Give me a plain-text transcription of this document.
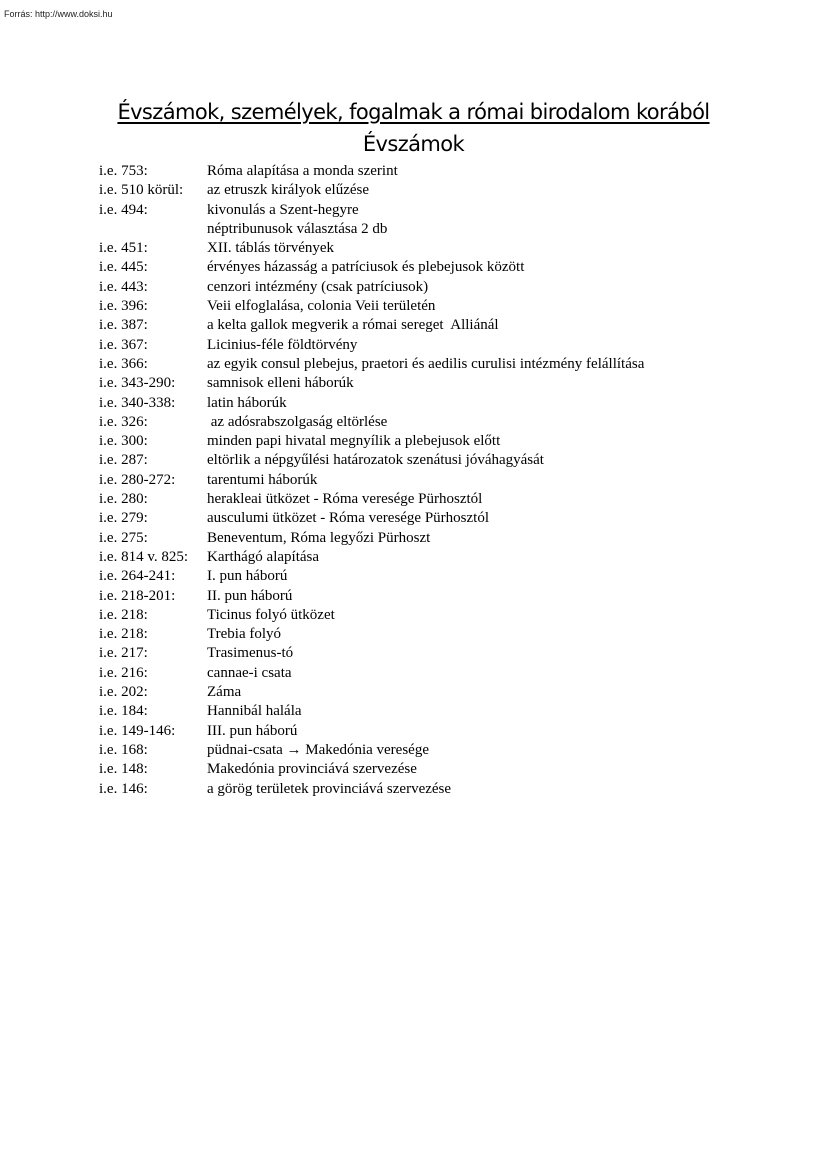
Forrás: http://www.doksi.hu
Évszámok, személyek, fogalmak a római birodalom korából
Évszámok
i.e. 753:	Róma alapítása a monda szerint
i.e. 510 körül:	az etruszk királyok elűzése
i.e. 494:	kivonulás a Szent-hegyre
néptribunusok választása 2 db
i.e. 451:	XII. táblás törvények
i.e. 445:	érvényes házasság a patríciusok és plebejusok között
i.e. 443:	cenzori intézmény (csak patríciusok)
i.e. 396:	Veii elfoglalása, colonia Veii területén
i.e. 387:	a kelta gallok megverik a római sereget  Alliánál
i.e. 367:	Licinius-féle földtörvény
i.e. 366:	az egyik consul plebejus, praetori és aedilis curulisi intézmény felállítása
i.e. 343-290:	samnisok elleni háborúk
i.e. 340-338:	latin háborúk
i.e. 326:	az adósrabszolgaság eltörlése
i.e. 300:	minden papi hivatal megnyílik a plebejusok előtt
i.e. 287:	eltörlik a népgyűlési határozatok szenátusi jóváhagyását
i.e. 280-272:	tarentumi háborúk
i.e. 280:	herakleai ütközet - Róma veresége Pürhosztól
i.e. 279:	ausculumi ütközet - Róma veresége Pürhosztól
i.e. 275:	Beneventum, Róma legyőzi Pürhoszt
i.e. 814 v. 825:	Karthágó alapítása
i.e. 264-241:	I. pun háború
i.e. 218-201:	II. pun háború
i.e. 218:	Ticinus folyó ütközet
i.e. 218:	Trebia folyó
i.e. 217:	Trasimenus-tó
i.e. 216:	cannae-i csata
i.e. 202:	Záma
i.e. 184:	Hannibál halála
i.e. 149-146:	III. pun háború
i.e. 168:	püdnai-csata → Makedónia veresége
i.e. 148:	Makedónia provinciává szervezése
i.e. 146:	a görög területek provinciává szervezése
